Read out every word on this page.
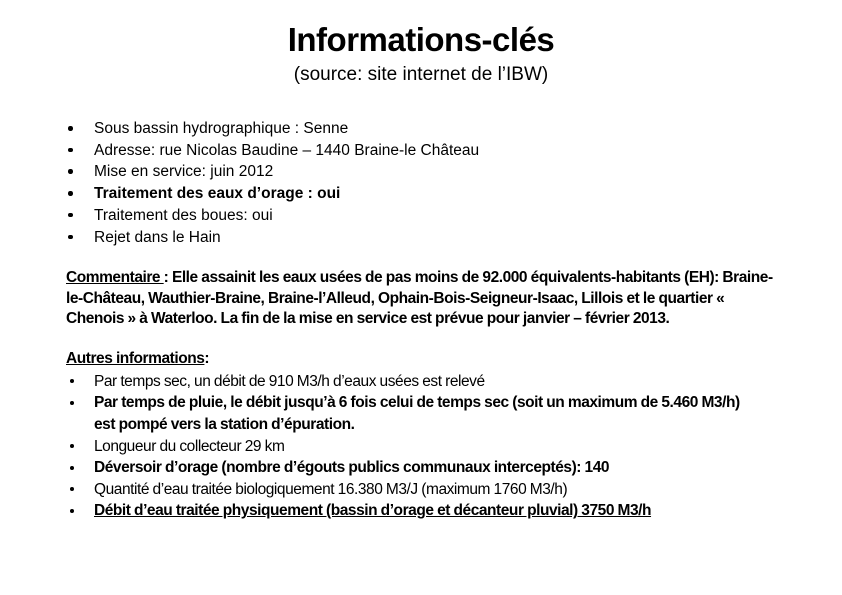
Informations-clés
(source: site internet de l’IBW)
Sous bassin hydrographique : Senne
Adresse: rue Nicolas Baudine – 1440 Braine-le Château
Mise en service: juin 2012
Traitement des eaux d’orage : oui
Traitement des boues: oui
Rejet dans le Hain

Commentaire : Elle assainit les eaux usées de pas moins de 92.000 équivalents-habitants (EH): Braine-le-Château, Wauthier-Braine, Braine-l’Alleud, Ophain-Bois-Seigneur-Isaac, Lillois et le quartier « Chenois » à Waterloo. La fin de la mise en service est prévue pour janvier – février 2013.

Autres informations:
Par temps sec, un débit de 910 M3/h d’eaux usées est relevé
Par temps de pluie, le débit jusqu’à 6 fois celui de temps sec (soit un maximum de 5.460 M3/h) est pompé vers la station d’épuration.
Longueur du collecteur 29 km
Déversoir d’orage (nombre d’égouts publics communaux interceptés): 140
Quantité d’eau traitée biologiquement 16.380 M3/J (maximum 1760 M3/h)
Débit d’eau traitée physiquement (bassin d’orage et décanteur pluvial) 3750 M3/h
